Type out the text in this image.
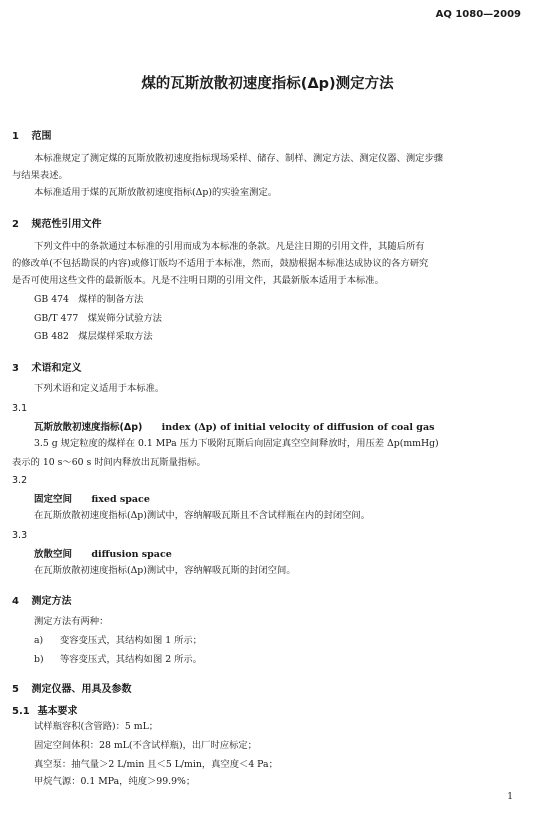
AQ 1080—2009
煤的瓦斯放散初速度指标(Δp)测定方法
1 范围
本标准规定了测定煤的瓦斯放散初速度指标现场采样、储存、制样、测定方法、测定仪器、测定步骤
与结果表述。
本标准适用于煤的瓦斯放散初速度指标(Δp)的实验室测定。
2 规范性引用文件
下列文件中的条款通过本标准的引用而成为本标准的条款。凡是注日期的引用文件，其随后所有
的修改单(不包括勘误的内容)或修订版均不适用于本标准，然而，鼓励根据本标准达成协议的各方研究
是否可使用这些文件的最新版本。凡是不注明日期的引用文件，其最新版本适用于本标准。
GB 474　煤样的制备方法
GB/T 477　煤炭筛分试验方法
GB 482　煤层煤样采取方法
3 术语和定义
下列术语和定义适用于本标准。
3.1
瓦斯放散初速度指标(Δp) index (Δp) of initial velocity of diffusion of coal gas
3.5 g 规定粒度的煤样在 0.1 MPa 压力下吸附瓦斯后向固定真空空间释放时，用压差 Δp(mmHg)
表示的 10 s～60 s 时间内释放出瓦斯量指标。
3.2
固定空间 fixed space
在瓦斯放散初速度指标(Δp)测试中，容纳解吸瓦斯且不含试样瓶在内的封闭空间。
3.3
放散空间 diffusion space
在瓦斯放散初速度指标(Δp)测试中，容纳解吸瓦斯的封闭空间。
4 测定方法
测定方法有两种：
a) 变容变压式，其结构如图 1 所示；
b) 等容变压式，其结构如图 2 所示。
5 测定仪器、用具及参数
5.1 基本要求
试样瓶容积(含管路)：5 mL；
固定空间体积：28 mL(不含试样瓶)，出厂时应标定；
真空泵：抽气量＞2 L/min 且＜5 L/min，真空度＜4 Pa；
甲烷气源：0.1 MPa，纯度＞99.9%；
1
